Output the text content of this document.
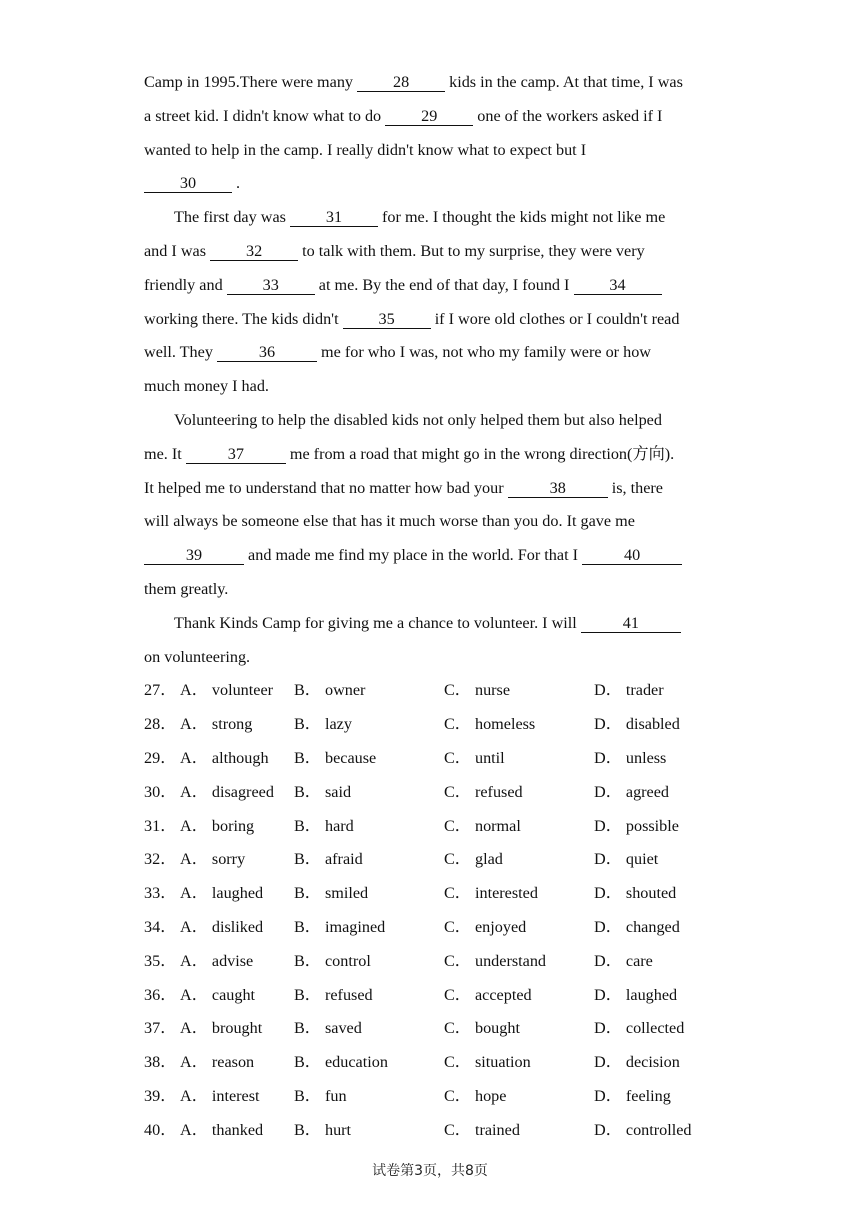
Camp in 1995.There were many 28 kids in the camp. At that time, I was
a street kid. I didn't know what to do 29 one of the workers asked if I
wanted to help in the camp. I really didn't know what to expect but I
30 .
The first day was 31 for me. I thought the kids might not like me
and I was 32 to talk with them. But to my surprise, they were very
friendly and 33 at me. By the end of that day, I found I 34
working there. The kids didn't 35 if I wore old clothes or I couldn't read
well. They	36	me for who I was, not who my family were or how
much money I had.
Volunteering to help the disabled kids not only helped them but also helped
me. It	37	me from a road that might go in the wrong direction(方向).
It helped me to understand that no matter how bad your	38	is, there
will always be someone else that has it much worse than you do. It gave me
39	and made me find my place in the world. For that I	40
them greatly.
Thank Kinds Camp for giving me a chance to volunteer. I will	41
on volunteering.
27． A． volunteer	B． owner	C． nurse	D． trader
28． A． strong	B． lazy	C． homeless	D． disabled
29． A． although	B． because	C． until	D． unless
30． A． disagreed	B． said	C． refused	D． agreed
31． A． boring	B． hard	C． normal	D． possible
32． A． sorry	B． afraid	C． glad	D． quiet
33． A． laughed	B． smiled	C． interested	D． shouted
34． A． disliked	B． imagined	C． enjoyed	D． changed
35． A． advise	B． control	C． understand	D． care
36． A． caught	B． refused	C． accepted	D． laughed
37． A． brought	B． saved	C． bought	D． collected
38． A． reason	B． education	C． situation	D． decision
39． A． interest	B． fun	C． hope	D． feeling
40． A． thanked	B． hurt	C． trained	D． controlled
试卷第3页，共8页
